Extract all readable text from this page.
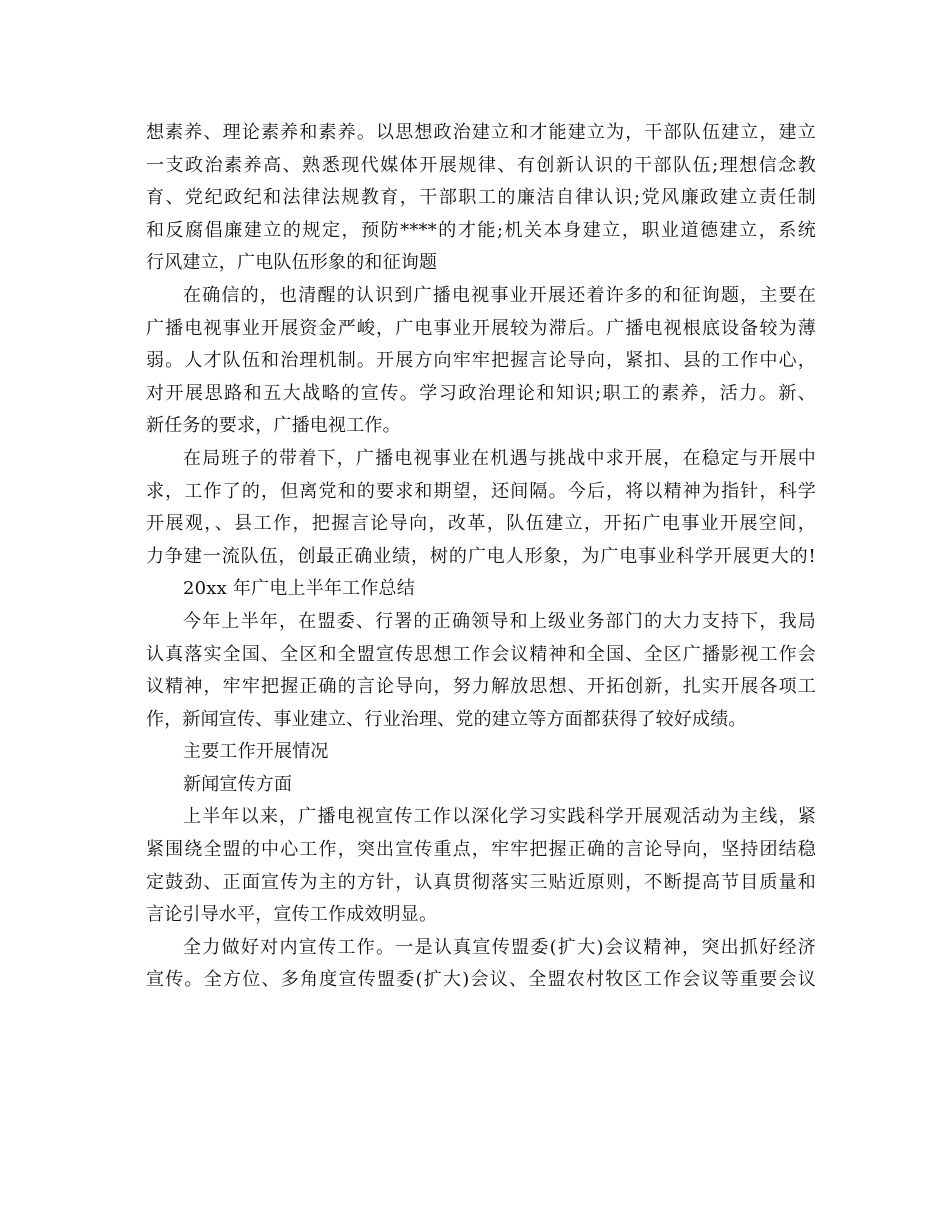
想素养、理论素养和素养。以思想政治建立和才能建立为，干部队伍建立，建立
一支政治素养高、熟悉现代媒体开展规律、有创新认识的干部队伍;理想信念教
育、党纪政纪和法律法规教育，干部职工的廉洁自律认识;党风廉政建立责任制
和反腐倡廉建立的规定，预防****的才能;机关本身建立，职业道德建立，系统
行风建立，广电队伍形象的和征询题
在确信的，也清醒的认识到广播电视事业开展还着许多的和征询题，主要在
广播电视事业开展资金严峻，广电事业开展较为滞后。广播电视根底设备较为薄
弱。人才队伍和治理机制。开展方向牢牢把握言论导向，紧扣、县的工作中心，
对开展思路和五大战略的宣传。学习政治理论和知识;职工的素养，活力。新、
新任务的要求，广播电视工作。
在局班子的带着下，广播电视事业在机遇与挑战中求开展，在稳定与开展中
求，工作了的，但离党和的要求和期望，还间隔。今后，将以精神为指针，科学
开展观，、县工作，把握言论导向，改革，队伍建立，开拓广电事业开展空间，
力争建一流队伍，创最正确业绩，树的广电人形象，为广电事业科学开展更大的!
20xx 年广电上半年工作总结
今年上半年，在盟委、行署的正确领导和上级业务部门的大力支持下，我局
认真落实全国、全区和全盟宣传思想工作会议精神和全国、全区广播影视工作会
议精神，牢牢把握正确的言论导向，努力解放思想、开拓创新，扎实开展各项工
作，新闻宣传、事业建立、行业治理、党的建立等方面都获得了较好成绩。
主要工作开展情况
新闻宣传方面
上半年以来，广播电视宣传工作以深化学习实践科学开展观活动为主线，紧
紧围绕全盟的中心工作，突出宣传重点，牢牢把握正确的言论导向，坚持团结稳
定鼓劲、正面宣传为主的方针，认真贯彻落实三贴近原则，不断提高节目质量和
言论引导水平，宣传工作成效明显。
全力做好对内宣传工作。一是认真宣传盟委(扩大)会议精神，突出抓好经济
宣传。全方位、多角度宣传盟委(扩大)会议、全盟农村牧区工作会议等重要会议
